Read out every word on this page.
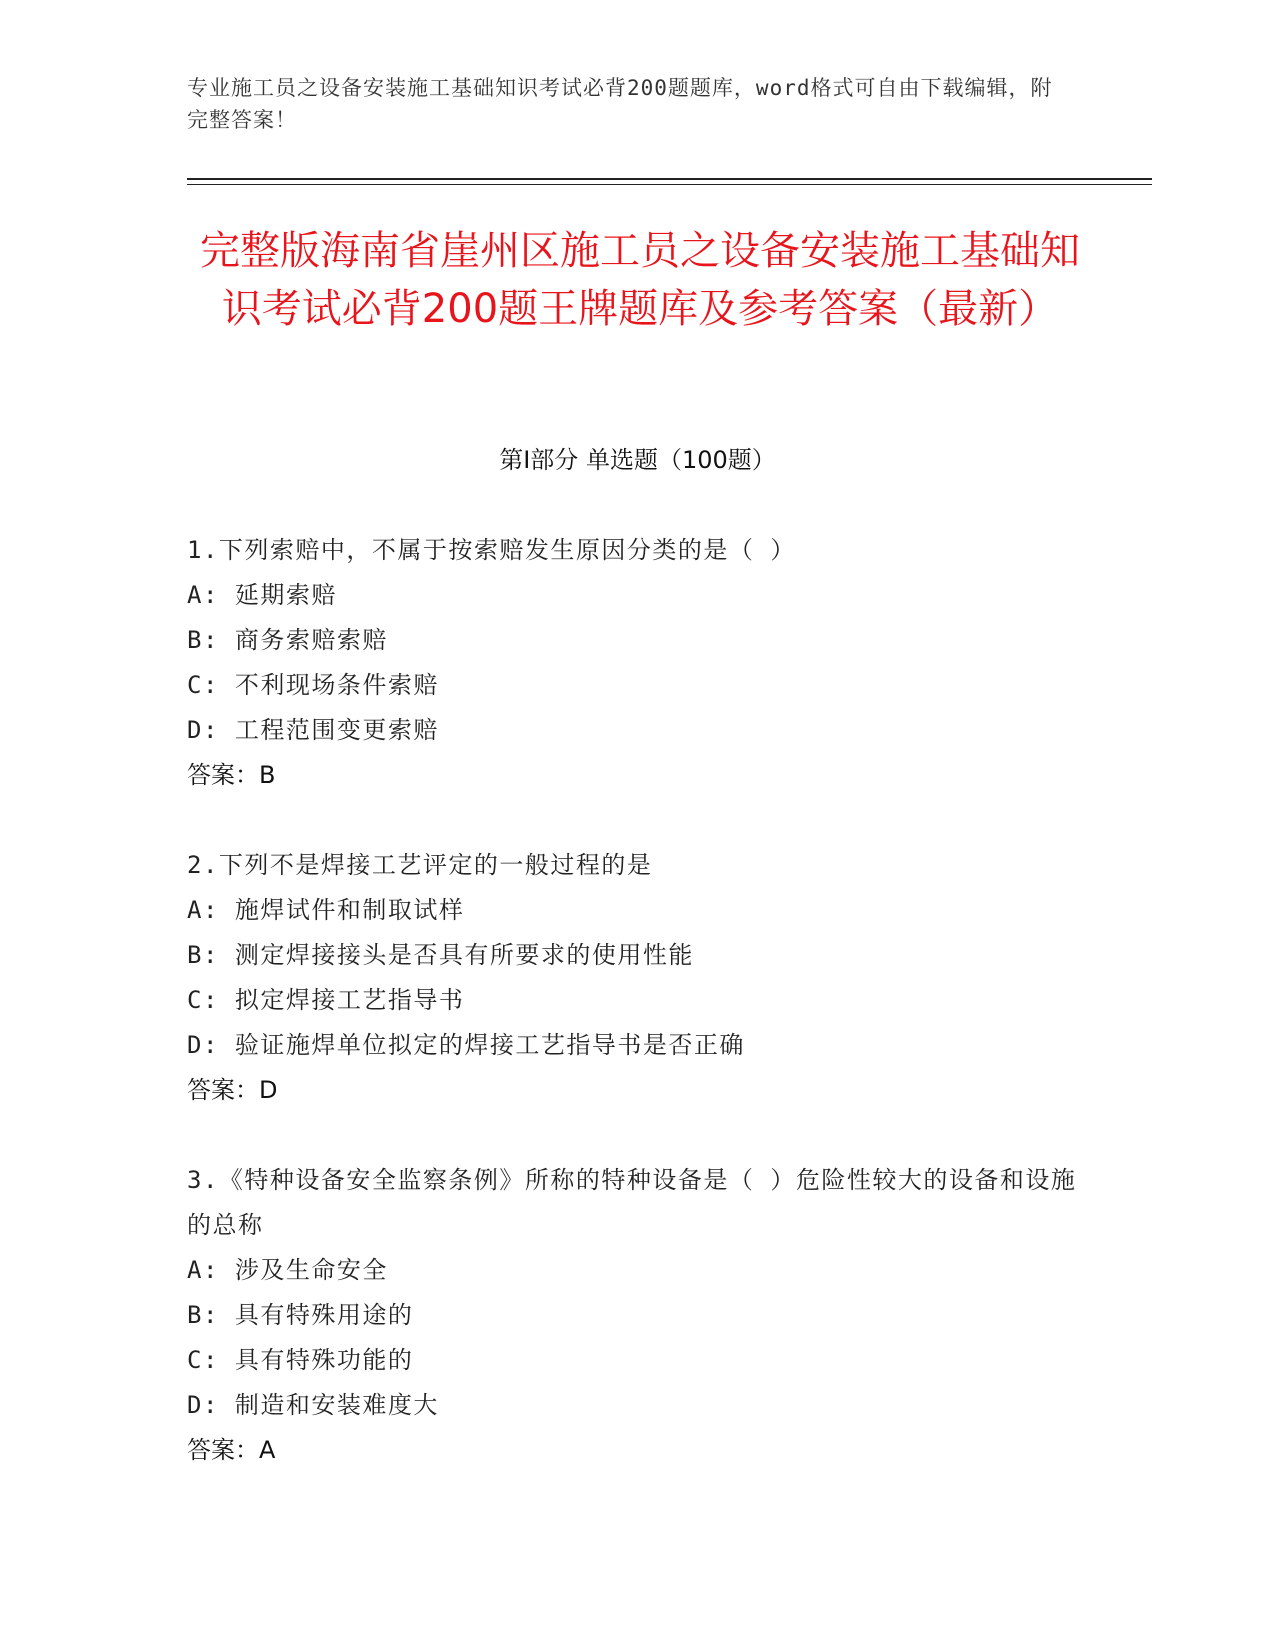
专业施工员之设备安装施工基础知识考试必背200题题库，word格式可自由下载编辑，附完整答案！
完整版海南省崖州区施工员之设备安装施工基础知识考试必背200题王牌题库及参考答案（最新）
第Ⅰ部分 单选题（100题）
1.下列索赔中，不属于按索赔发生原因分类的是（ ）
A: 延期索赔
B: 商务索赔索赔
C: 不利现场条件索赔
D: 工程范围变更索赔
答案：B
2.下列不是焊接工艺评定的一般过程的是
A: 施焊试件和制取试样
B: 测定焊接接头是否具有所要求的使用性能
C: 拟定焊接工艺指导书
D: 验证施焊单位拟定的焊接工艺指导书是否正确
答案：D
3.《特种设备安全监察条例》所称的特种设备是（ ）危险性较大的设备和设施的总称
A: 涉及生命安全
B: 具有特殊用途的
C: 具有特殊功能的
D: 制造和安装难度大
答案：A
